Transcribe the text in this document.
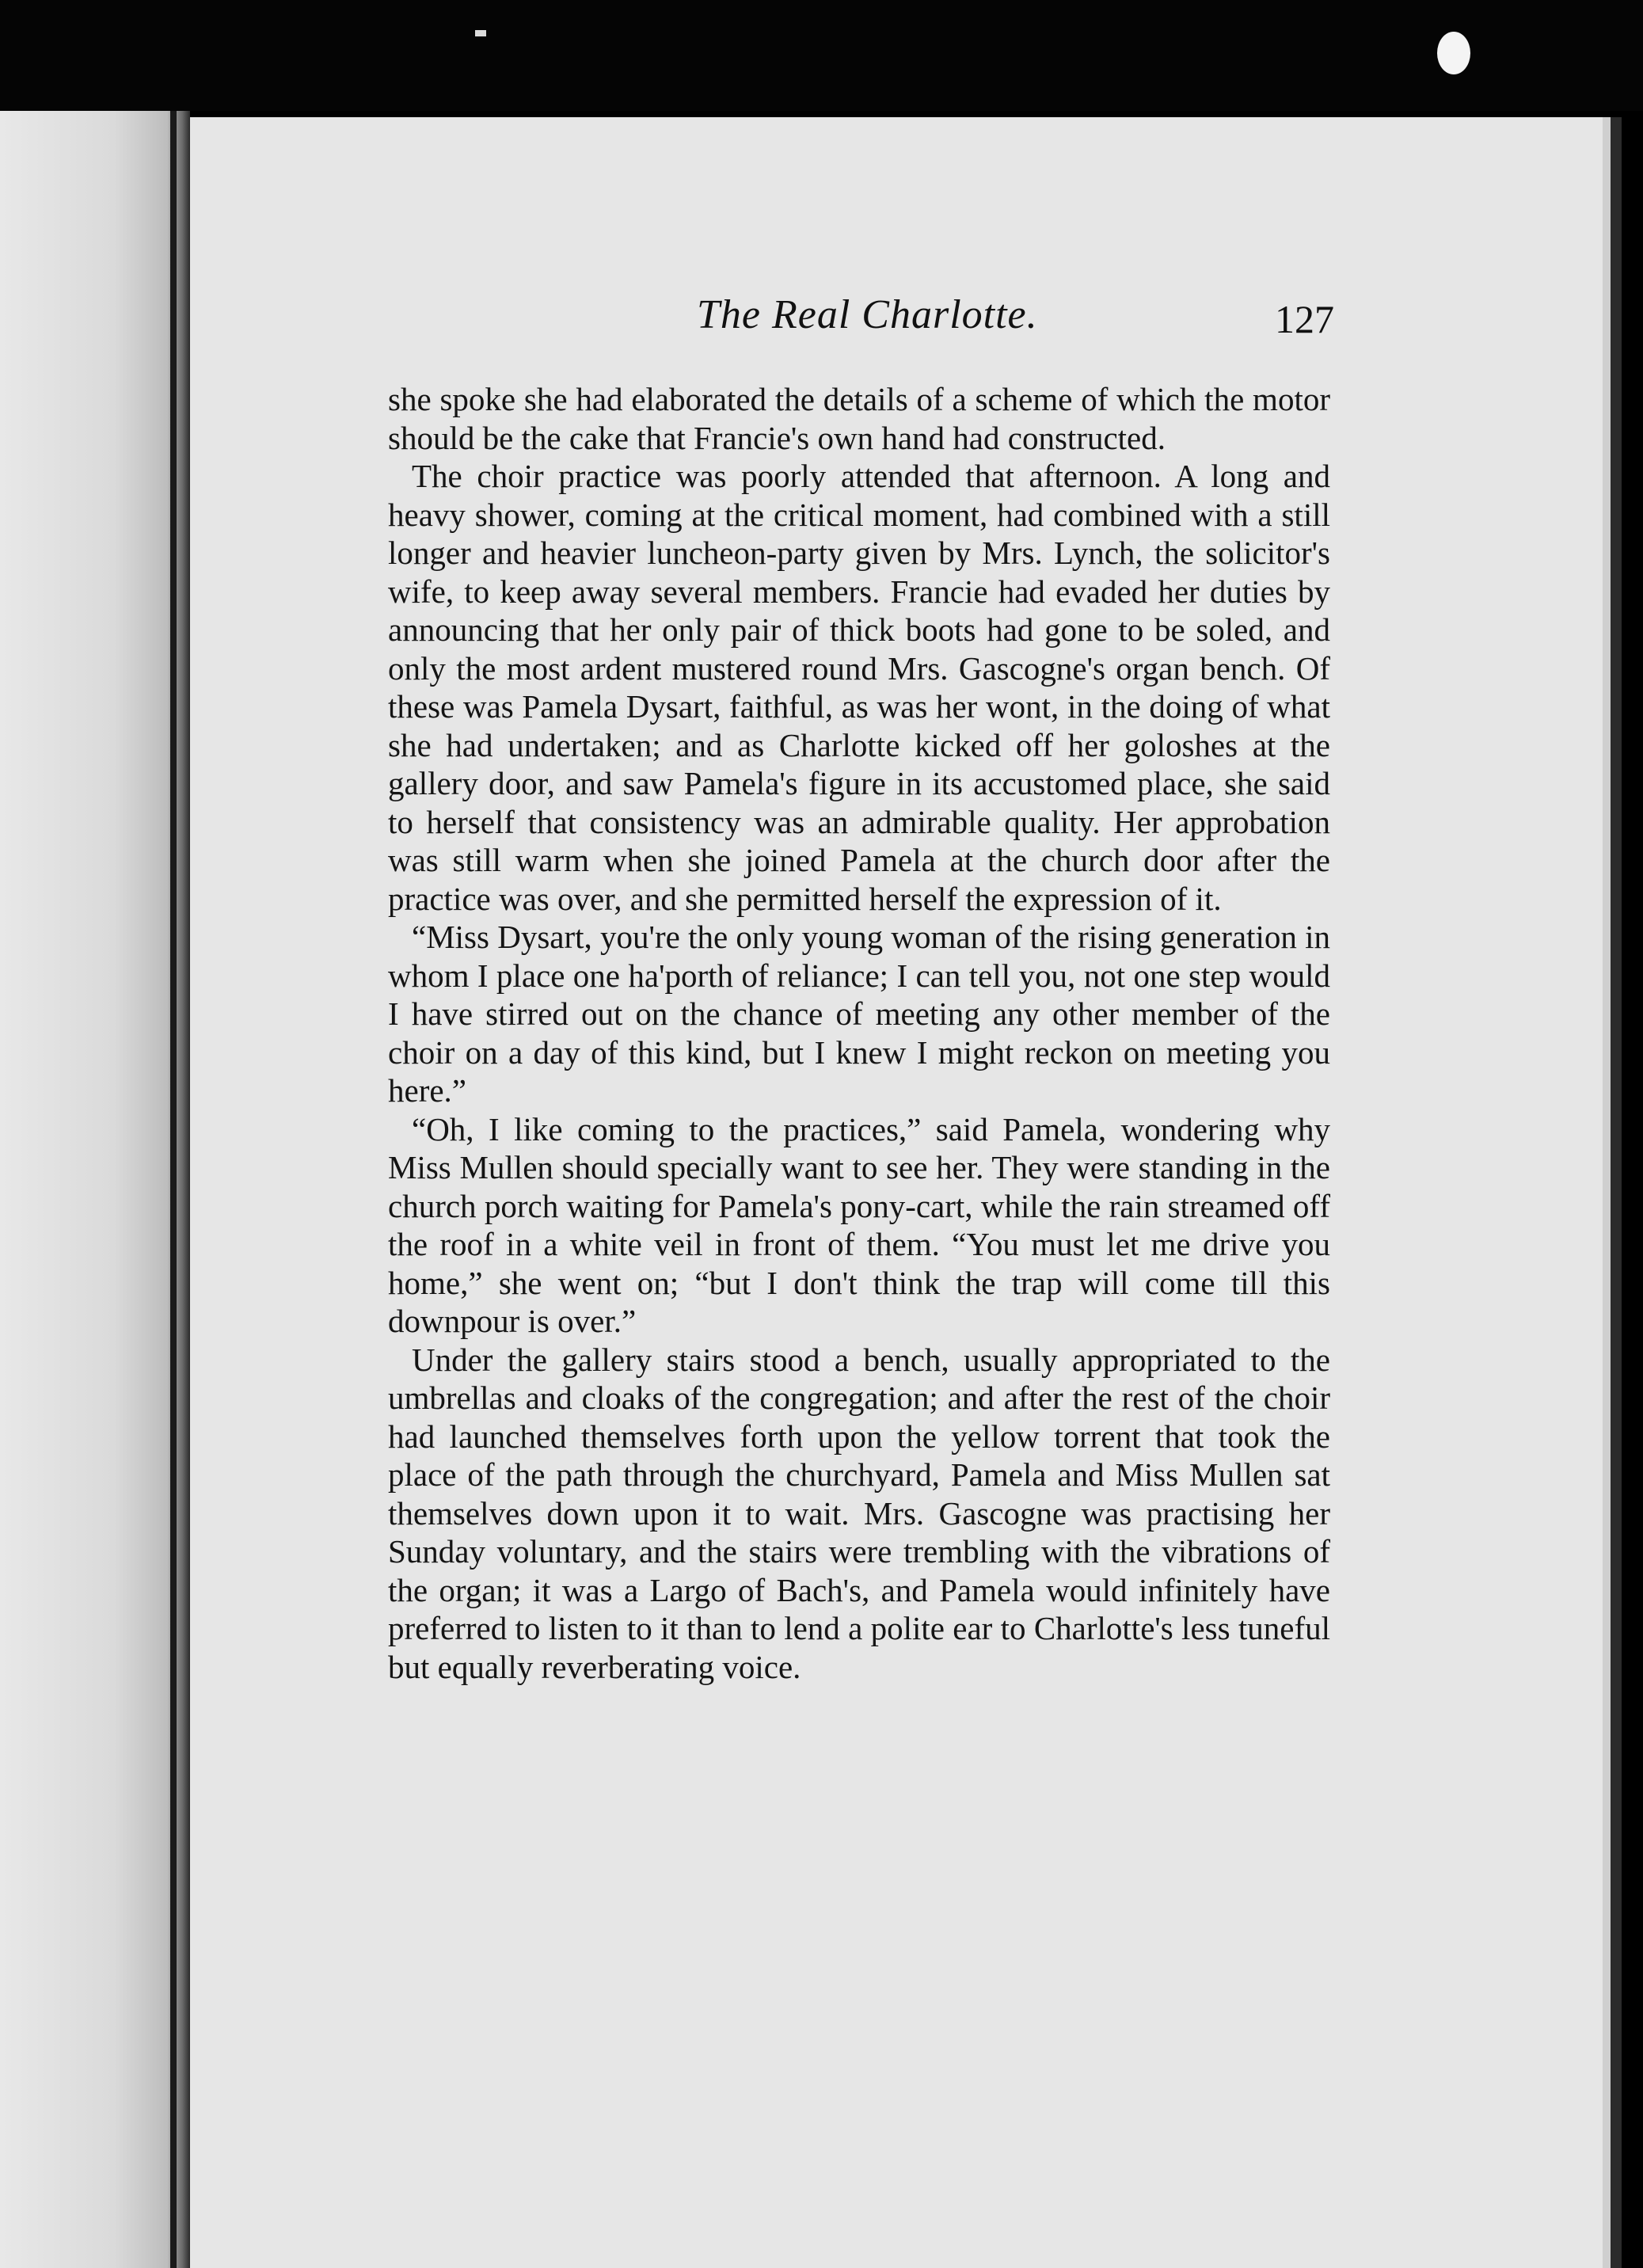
The Real Charlotte.	127

she spoke she had elaborated the details of a scheme of which the motor should be the cake that Francie's own hand had constructed.

The choir practice was poorly attended that afternoon. A long and heavy shower, coming at the critical moment, had combined with a still longer and heavier luncheon-party given by Mrs. Lynch, the solicitor's wife, to keep away several members. Francie had evaded her duties by announcing that her only pair of thick boots had gone to be soled, and only the most ardent mustered round Mrs. Gascogne's organ bench. Of these was Pamela Dysart, faithful, as was her wont, in the doing of what she had undertaken; and as Charlotte kicked off her goloshes at the gallery door, and saw Pamela's figure in its accustomed place, she said to herself that consistency was an admirable quality. Her approbation was still warm when she joined Pamela at the church door after the practice was over, and she permitted herself the expression of it.

“Miss Dysart, you're the only young woman of the rising generation in whom I place one ha'porth of reliance; I can tell you, not one step would I have stirred out on the chance of meeting any other member of the choir on a day of this kind, but I knew I might reckon on meeting you here.”

“Oh, I like coming to the practices,” said Pamela, wondering why Miss Mullen should specially want to see her. They were standing in the church porch waiting for Pamela's pony-cart, while the rain streamed off the roof in a white veil in front of them. “You must let me drive you home,” she went on; “but I don't think the trap will come till this downpour is over.”

Under the gallery stairs stood a bench, usually appropriated to the umbrellas and cloaks of the congregation; and after the rest of the choir had launched themselves forth upon the yellow torrent that took the place of the path through the churchyard, Pamela and Miss Mullen sat themselves down upon it to wait. Mrs. Gascogne was practising her Sunday voluntary, and the stairs were trembling with the vibrations of the organ; it was a Largo of Bach's, and Pamela would infinitely have preferred to listen to it than to lend a polite ear to Charlotte's less tuneful but equally reverberating voice.
